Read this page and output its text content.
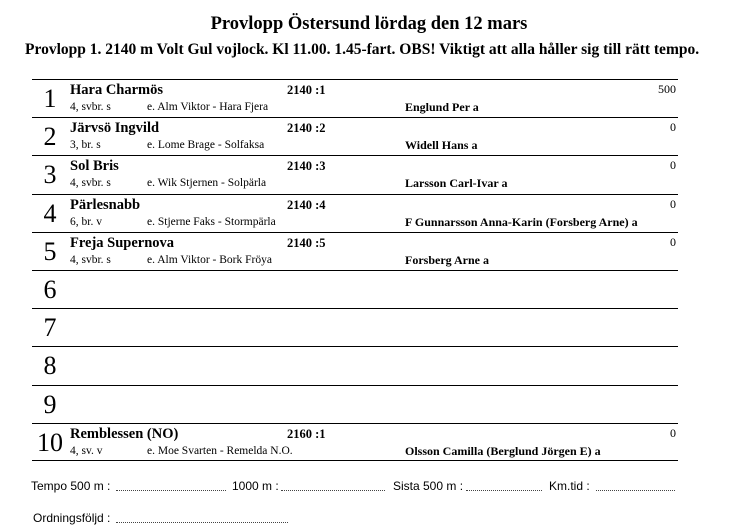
Provlopp Östersund lördag den 12 mars
Provlopp 1. 2140 m Volt Gul vojlock. Kl 11.00. 1.45-fart. OBS! Viktigt att alla håller sig till rätt tempo.
1 Hara Charmös	2140 :1	500
4, svbr. s	e. Alm Viktor - Hara Fjera	Englund Per a
2 Järvsö Ingvild	2140 :2	0
3, br. s	e. Lome Brage - Solfaksa	Widell Hans a
3 Sol Bris	2140 :3	0
4, svbr. s	e. Wik Stjernen - Solpärla	Larsson Carl-Ivar a
4 Pärlesnabb	2140 :4	0
6, br. v	e. Stjerne Faks - Stormpärla	F Gunnarsson Anna-Karin (Forsberg Arne) a
5 Freja Supernova	2140 :5	0
4, svbr. s	e. Alm Viktor - Bork Fröya	Forsberg Arne a
6
7
8
9
10 Remblessen (NO)	2160 :1	0
4, sv. v	e. Moe Svarten - Remelda N.O.	Olsson Camilla (Berglund Jörgen E) a
Tempo 500 m :	1000 m :	Sista 500 m :	Km.tid :
Ordningsföljd :
